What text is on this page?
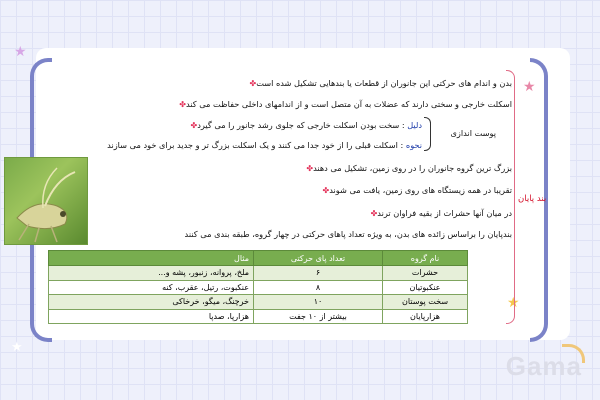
★
★
★
★
بدن و اندام های حرکتی این جانوران از قطعات یا بندهایی تشکیل شده است✤
اسکلت خارجی و سختی دارند که عضلات به آن متصل است و از اندامهای داخلی حفاظت می کند✤
پوست اندازی
دلیل : سخت بودن اسکلت خارجی که جلوی رشد جانور را می گیرد✤
نحوه : اسکلت قبلی را از خود جدا می کنند و یک اسکلت بزرگ تر و جدید برای خود می سازند
بزرگ ترین گروه جانوران را در روی زمین، تشکیل می دهند✤
تقریبا در همه زیستگاه های روی زمین، یافت می شوند✤
در میان آنها حشرات از بقیه فراوان ترند✤
بندپایان را براساس زائده های بدن، به ویژه تعداد پاهای حرکتی در چهار گروه، طبقه بندی می کنند
بند پایان
نام گروه	تعداد پای حرکتی	مثال
حشرات	۶	ملخ، پروانه، زنبور، پشه و...
عنکبوتیان	۸	عنکبوت، رتیل، عقرب، کنه
سخت پوستان	۱۰	خرچنگ، میگو، خرخاکی
هزارپایان	بیشتر از ۱۰ جفت	هزارپا، صدپا
Gama
